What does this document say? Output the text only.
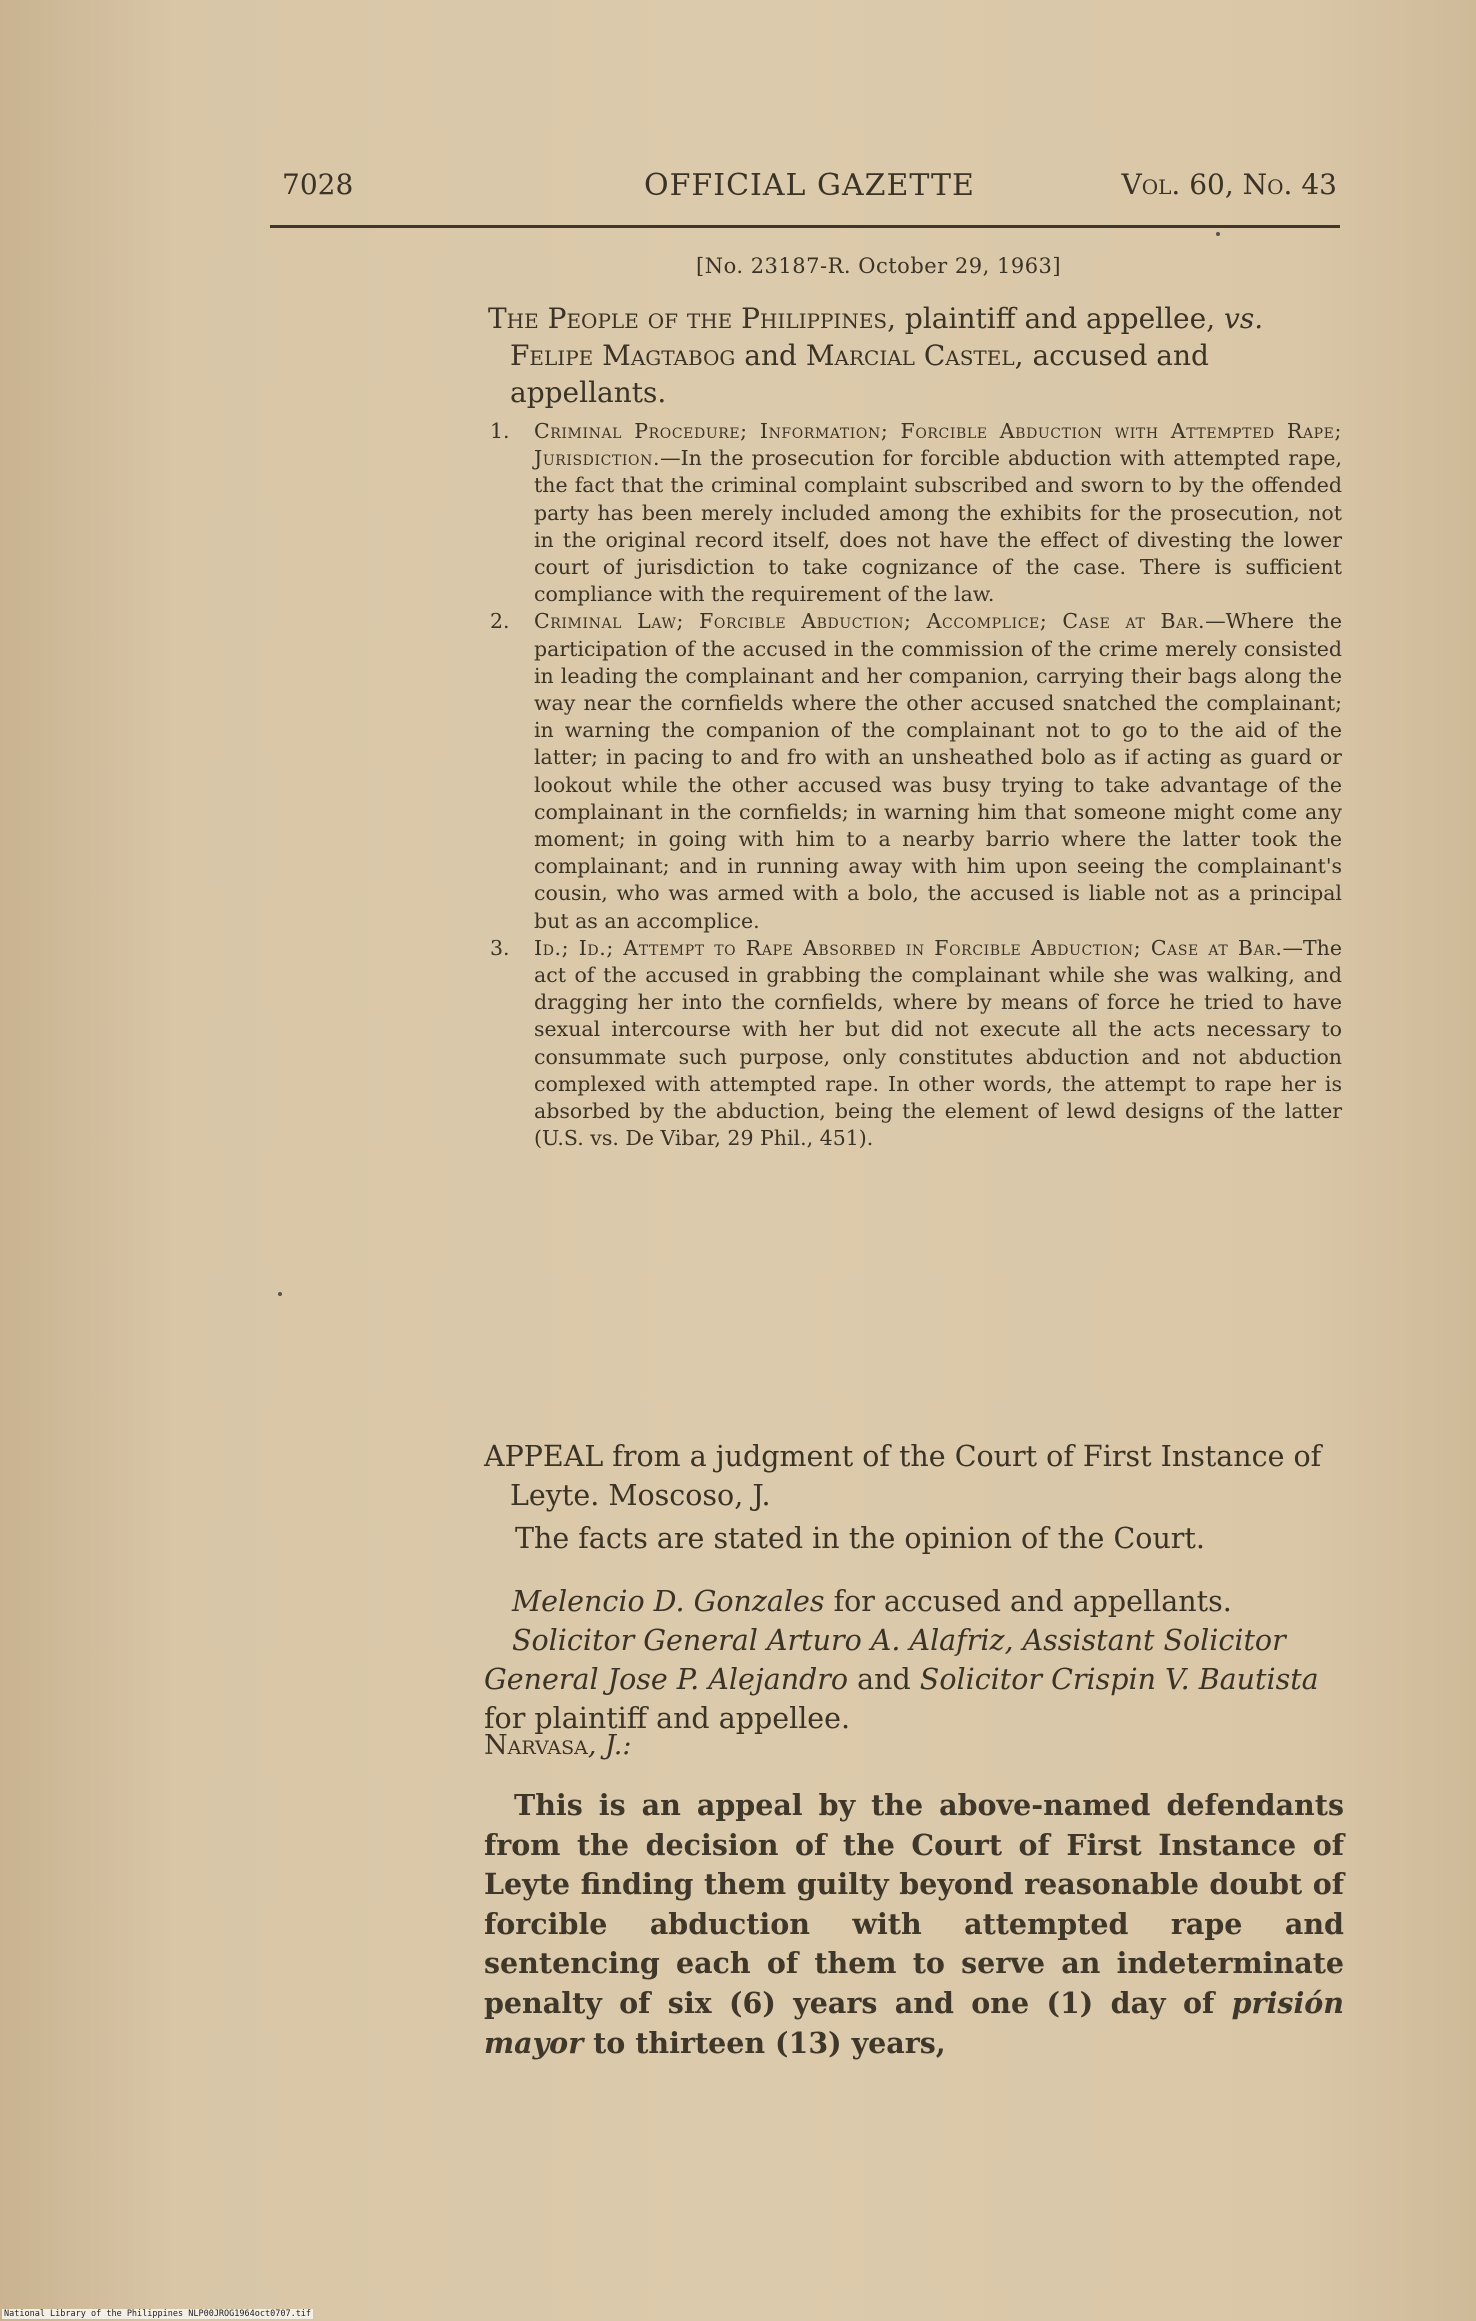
7028	OFFICIAL GAZETTE	Vol. 60, No. 43
[No. 23187-R. October 29, 1963]
The People of the Philippines, plaintiff and appellee, vs. Felipe Magtabog and Marcial Castel, accused and appellants.

1. Criminal Procedure; Information; Forcible Abduction with Attempted Rape; Jurisdiction.—In the prosecution for forcible abduction with attempted rape, the fact that the criminal complaint subscribed and sworn to by the offended party has been merely included among the exhibits for the prosecution, not in the original record itself, does not have the effect of divesting the lower court of jurisdiction to take cognizance of the case. There is sufficient compliance with the requirement of the law.

2. Criminal Law; Forcible Abduction; Accomplice; Case at Bar.—Where the participation of the accused in the commission of the crime merely consisted in leading the complainant and her companion, carrying their bags along the way near the cornfields where the other accused snatched the complainant; in warning the companion of the complainant not to go to the aid of the latter; in pacing to and fro with an unsheathed bolo as if acting as guard or lookout while the other accused was busy trying to take advantage of the complainant in the cornfields; in warning him that someone might come any moment; in going with him to a nearby barrio where the latter took the complainant; and in running away with him upon seeing the complainant's cousin, who was armed with a bolo, the accused is liable not as a principal but as an accomplice.

3. Id.; Id.; Attempt to Rape Absorbed in Forcible Abduction; Case at Bar.—The act of the accused in grabbing the complainant while she was walking, and dragging her into the cornfields, where by means of force he tried to have sexual intercourse with her but did not execute all the acts necessary to consummate such purpose, only constitutes abduction and not abduction complexed with attempted rape. In other words, the attempt to rape her is absorbed by the abduction, being the element of lewd designs of the latter (U.S. vs. De Vibar, 29 Phil., 451).

APPEAL from a judgment of the Court of First Instance of Leyte. Moscoso, J.
The facts are stated in the opinion of the Court.

Melencio D. Gonzales for accused and appellants.

Solicitor General Arturo A. Alafriz, Assistant Solicitor General Jose P. Alejandro and Solicitor Crispin V. Bautista for plaintiff and appellee.

Narvasa, J.:
This is an appeal by the above-named defendants from the decision of the Court of First Instance of Leyte finding them guilty beyond reasonable doubt of forcible abduction with attempted rape and sentencing each of them to serve an indeterminate penalty of six (6) years and one (1) day of prisión mayor to thirteen (13) years,
National Library of the Philippines NLP00JROG1964oct0707.tif
